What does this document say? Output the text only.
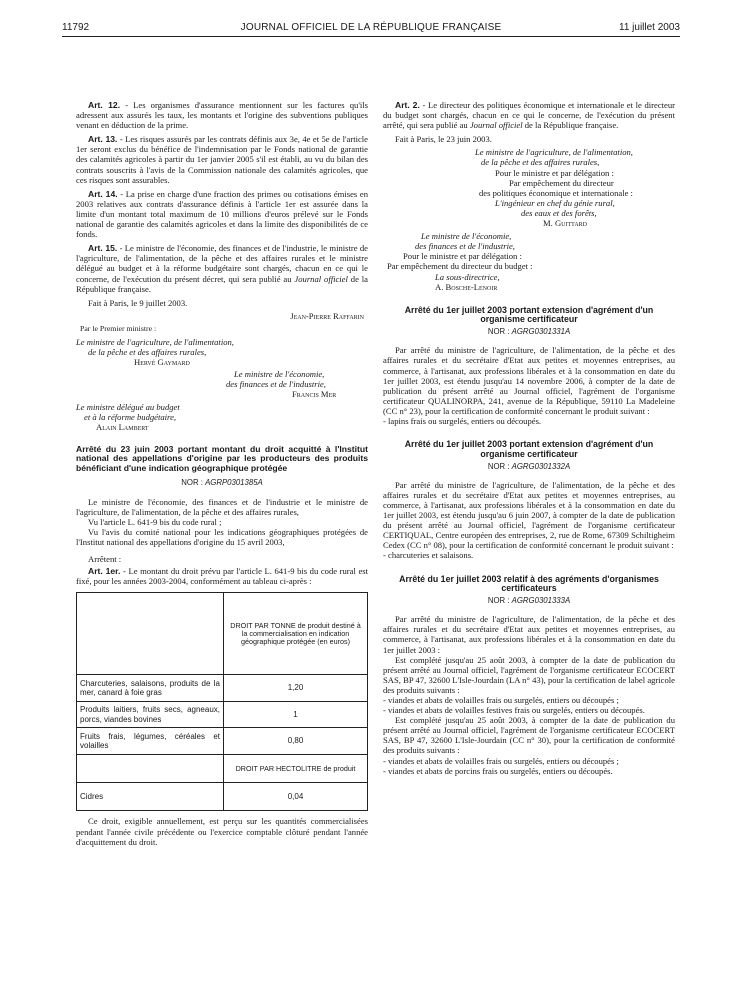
11792	JOURNAL OFFICIEL DE LA RÉPUBLIQUE FRANÇAISE	11 juillet 2003

Art. 12. - Les organismes d'assurance mentionnent sur les factures qu'ils adressent aux assurés les taux, les montants et l'origine des subventions publiques venant en déduction de la prime.

Art. 13. - Les risques assurés par les contrats définis aux 3e, 4e et 5e de l'article 1er seront exclus du bénéfice de l'indemnisation par le Fonds national de garantie des calamités agricoles à partir du 1er janvier 2005 s'il est établi, au vu du bilan des contrats souscrits à l'avis de la Commission nationale des calamités agricoles, que ces risques sont assurables.

Art. 14. - La prise en charge d'une fraction des primes ou cotisations émises en 2003 relatives aux contrats d'assurance définis à l'article 1er est assurée dans la limite d'un montant total maximum de 10 millions d'euros prélevé sur le Fonds national de garantie des calamités agricoles et dans la limite des disponibilités de ce fonds.

Art. 15. - Le ministre de l'économie, des finances et de l'industrie, le ministre de l'agriculture, de l'alimentation, de la pêche et des affaires rurales et le ministre délégué au budget et à la réforme budgétaire sont chargés, chacun en ce qui le concerne, de l'exécution du présent décret, qui sera publié au Journal officiel de la République française.

Fait à Paris, le 9 juillet 2003.

Jean-Pierre Raffarin

Par le Premier ministre :

Le ministre de l'agriculture, de l'alimentation,

de la pêche et des affaires rurales,

Hervé Gaymard

Le ministre de l'économie,

des finances et de l'industrie,

Francis Mer

Le ministre délégué au budget

et à la réforme budgétaire,

Alain Lambert

Arrêté du 23 juin 2003 portant montant du droit acquitté à l'Institut national des appellations d'origine par les producteurs des produits bénéficiant d'une indication géographique protégée

NOR : AGRP0301385A

Le ministre de l'économie, des finances et de l'industrie et le ministre de l'agriculture, de l'alimentation, de la pêche et des affaires rurales,

Vu l'article L. 641-9 bis du code rural ;

Vu l'avis du comité national pour les indications géographiques protégées de l'Institut national des appellations d'origine du 15 avril 2003,

Arrêtent :

Art. 1er. - Le montant du droit prévu par l'article L. 641-9 bis du code rural est fixé, pour les années 2003-2004, conformément au tableau ci-après :

	DROIT PAR TONNE de produit destiné à la commercialisation en indication géographique protégée (en euros)
Charcuteries, salaisons, produits de la mer, canard à foie gras	1,20
Produits laitiers, fruits secs, agneaux, porcs, viandes bovines	1
Fruits frais, légumes, céréales et volailles	0,80
	DROIT PAR HECTOLITRE de produit
Cidres	0,04

Ce droit, exigible annuellement, est perçu sur les quantités commercialisées pendant l'année civile précédente ou l'exercice comptable clôturé pendant l'année d'acquittement du droit.

Art. 2. - Le directeur des politiques économique et internationale et le directeur du budget sont chargés, chacun en ce qui le concerne, de l'exécution du présent arrêté, qui sera publié au Journal officiel de la République française.

Fait à Paris, le 23 juin 2003.

Le ministre de l'agriculture, de l'alimentation,

de la pêche et des affaires rurales,

Pour le ministre et par délégation :

Par empêchement du directeur

des politiques économique et internationale :

L'ingénieur en chef du génie rural,

des eaux et des forêts,

M. Guittard

Le ministre de l'économie,

des finances et de l'industrie,

Pour le ministre et par délégation :

Par empêchement du directeur du budget :

La sous-directrice,

A. Bosche-Lenoir

Arrêté du 1er juillet 2003 portant extension d'agrément d'un organisme certificateur

NOR : AGRG0301331A

Par arrêté du ministre de l'agriculture, de l'alimentation, de la pêche et des affaires rurales et du secrétaire d'Etat aux petites et moyennes entreprises, au commerce, à l'artisanat, aux professions libérales et à la consommation en date du 1er juillet 2003, est étendu jusqu'au 14 novembre 2006, à compter de la date de publication du présent arrêté au Journal officiel, l'agrément de l'organisme certificateur QUALINORPA, 241, avenue de la République, 59110 La Madeleine (CC n° 23), pour la certification de conformité concernant le produit suivant :

- lapins frais ou surgelés, entiers ou découpés.

Arrêté du 1er juillet 2003 portant extension d'agrément d'un organisme certificateur

NOR : AGRG0301332A

Par arrêté du ministre de l'agriculture, de l'alimentation, de la pêche et des affaires rurales et du secrétaire d'Etat aux petites et moyennes entreprises, au commerce, à l'artisanat, aux professions libérales et à la consommation en date du 1er juillet 2003, est étendu jusqu'au 6 juin 2007, à compter de la date de publication du présent arrêté au Journal officiel, l'agrément de l'organisme certificateur CERTIQUAL, Centre européen des entreprises, 2, rue de Rome, 67309 Schiltigheim Cedex (CC n° 08), pour la certification de conformité concernant le produit suivant :

- charcuteries et salaisons.

Arrêté du 1er juillet 2003 relatif à des agréments d'organismes certificateurs

NOR : AGRG0301333A

Par arrêté du ministre de l'agriculture, de l'alimentation, de la pêche et des affaires rurales et du secrétaire d'Etat aux petites et moyennes entreprises, au commerce, à l'artisanat, aux professions libérales et à la consommation en date du 1er juillet 2003 :

Est complété jusqu'au 25 août 2003, à compter de la date de publication du présent arrêté au Journal officiel, l'agrément de l'organisme certificateur ECOCERT SAS, BP 47, 32600 L'Isle-Jourdain (LA n° 43), pour la certification de label agricole des produits suivants :

- viandes et abats de volailles frais ou surgelés, entiers ou découpés ;

- viandes et abats de volailles festives frais ou surgelés, entiers ou découpés.

Est complété jusqu'au 25 août 2003, à compter de la date de publication du présent arrêté au Journal officiel, l'agrément de l'organisme certificateur ECOCERT SAS, BP 47, 32600 L'Isle-Jourdain (CC n° 30), pour la certification de conformité des produits suivants :

- viandes et abats de volailles frais ou surgelés, entiers ou découpés ;

- viandes et abats de porcins frais ou surgelés, entiers ou découpés.
